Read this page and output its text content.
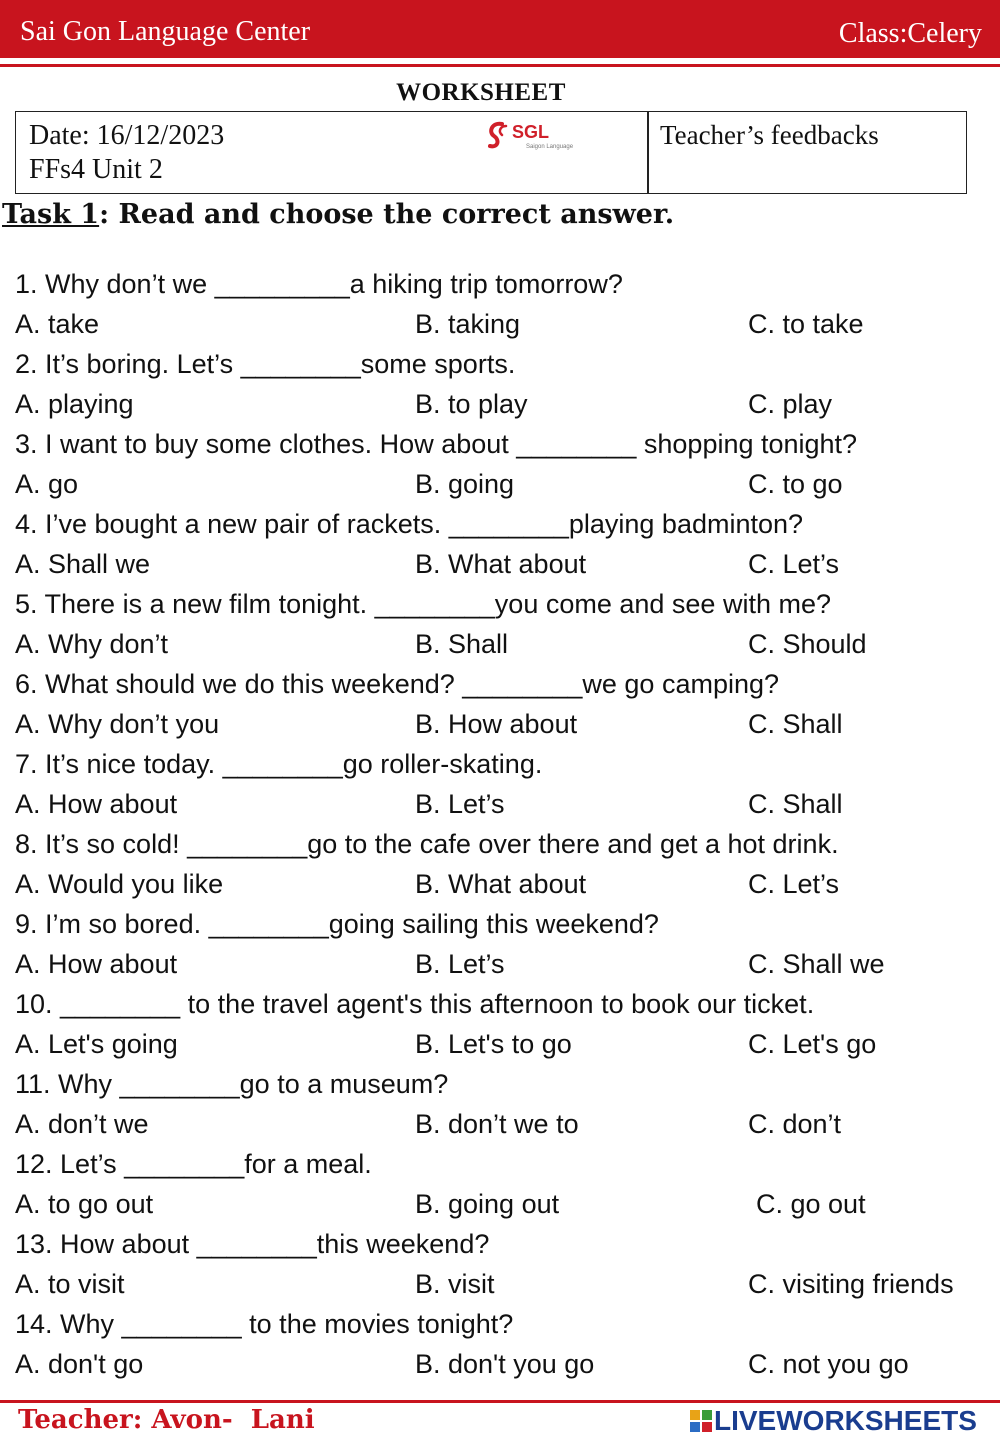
Sai Gon Language Center	Class:Celery
WORKSHEET
Date: 16/12/2023
FFs4 Unit 2
SGL
Saigon Language	Teacher’s feedbacks
Task 1: Read and choose the correct answer.
1. Why don’t we _________a hiking trip tomorrow?
A. take	B. taking	C. to take
2. It’s boring. Let’s ________some sports.
A. playing	B. to play	C. play
3. I want to buy some clothes. How about ________ shopping tonight?
A. go	B. going	C. to go
4. I’ve bought a new pair of rackets. ________playing badminton?
A. Shall we	B. What about	C. Let’s
5. There is a new film tonight. ________you come and see with me?
A. Why don’t	B. Shall	C. Should
6. What should we do this weekend? ________we go camping?
A. Why don’t you	B. How about	C. Shall
7. It’s nice today. ________go roller-skating.
A. How about	B. Let’s	C. Shall
8. It’s so cold! ________go to the cafe over there and get a hot drink.
A. Would you like	B. What about	C. Let’s
9. I’m so bored. ________going sailing this weekend?
A. How about	B. Let’s	C. Shall we
10. ________ to the travel agent's this afternoon to book our ticket.
A. Let's going	B. Let's to go	C. Let's go
11. Why ________go to a museum?
A. don’t we	B. don’t we to	C. don’t
12. Let’s ________for a meal.
A. to go out	B. going out	C. go out
13. How about ________this weekend?
A. to visit	B. visit	C. visiting friends
14. Why ________ to the movies tonight?
A. don't go	B. don't you go	C. not you go
Teacher: Avon-  Lani	LIVEWORKSHEETS
